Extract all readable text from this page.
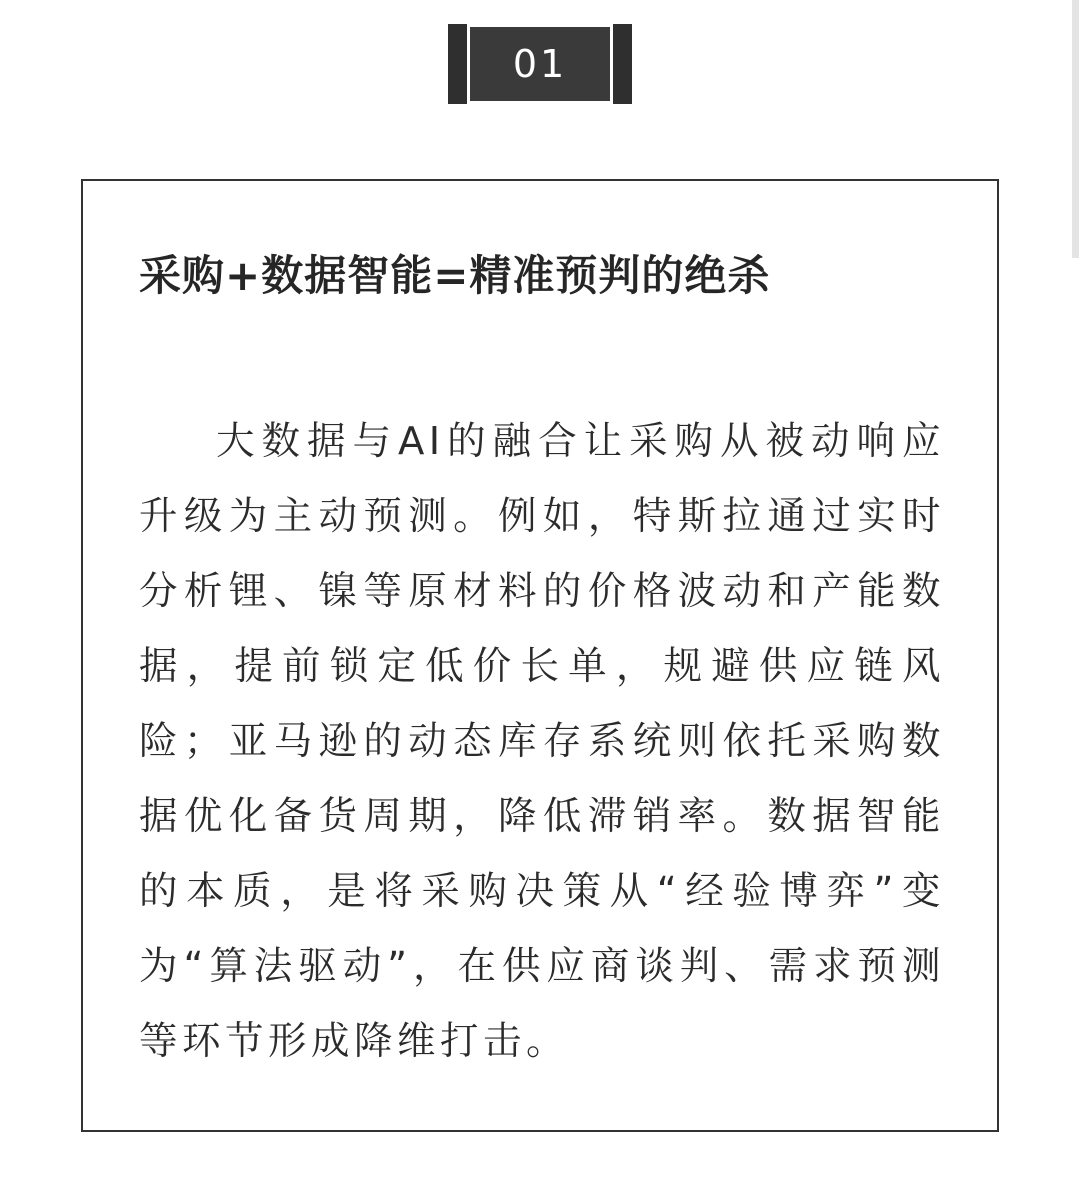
01
采购+数据智能=精准预判的绝杀

大数据与AI的融合让采购从被动响应升级为主动预测。例如，特斯拉通过实时分析锂、镍等原材料的价格波动和产能数据，提前锁定低价长单，规避供应链风险；亚马逊的动态库存系统则依托采购数据优化备货周期，降低滞销率。数据智能的本质，是将采购决策从“经验博弈”变为“算法驱动”，在供应商谈判、需求预测等环节形成降维打击。
